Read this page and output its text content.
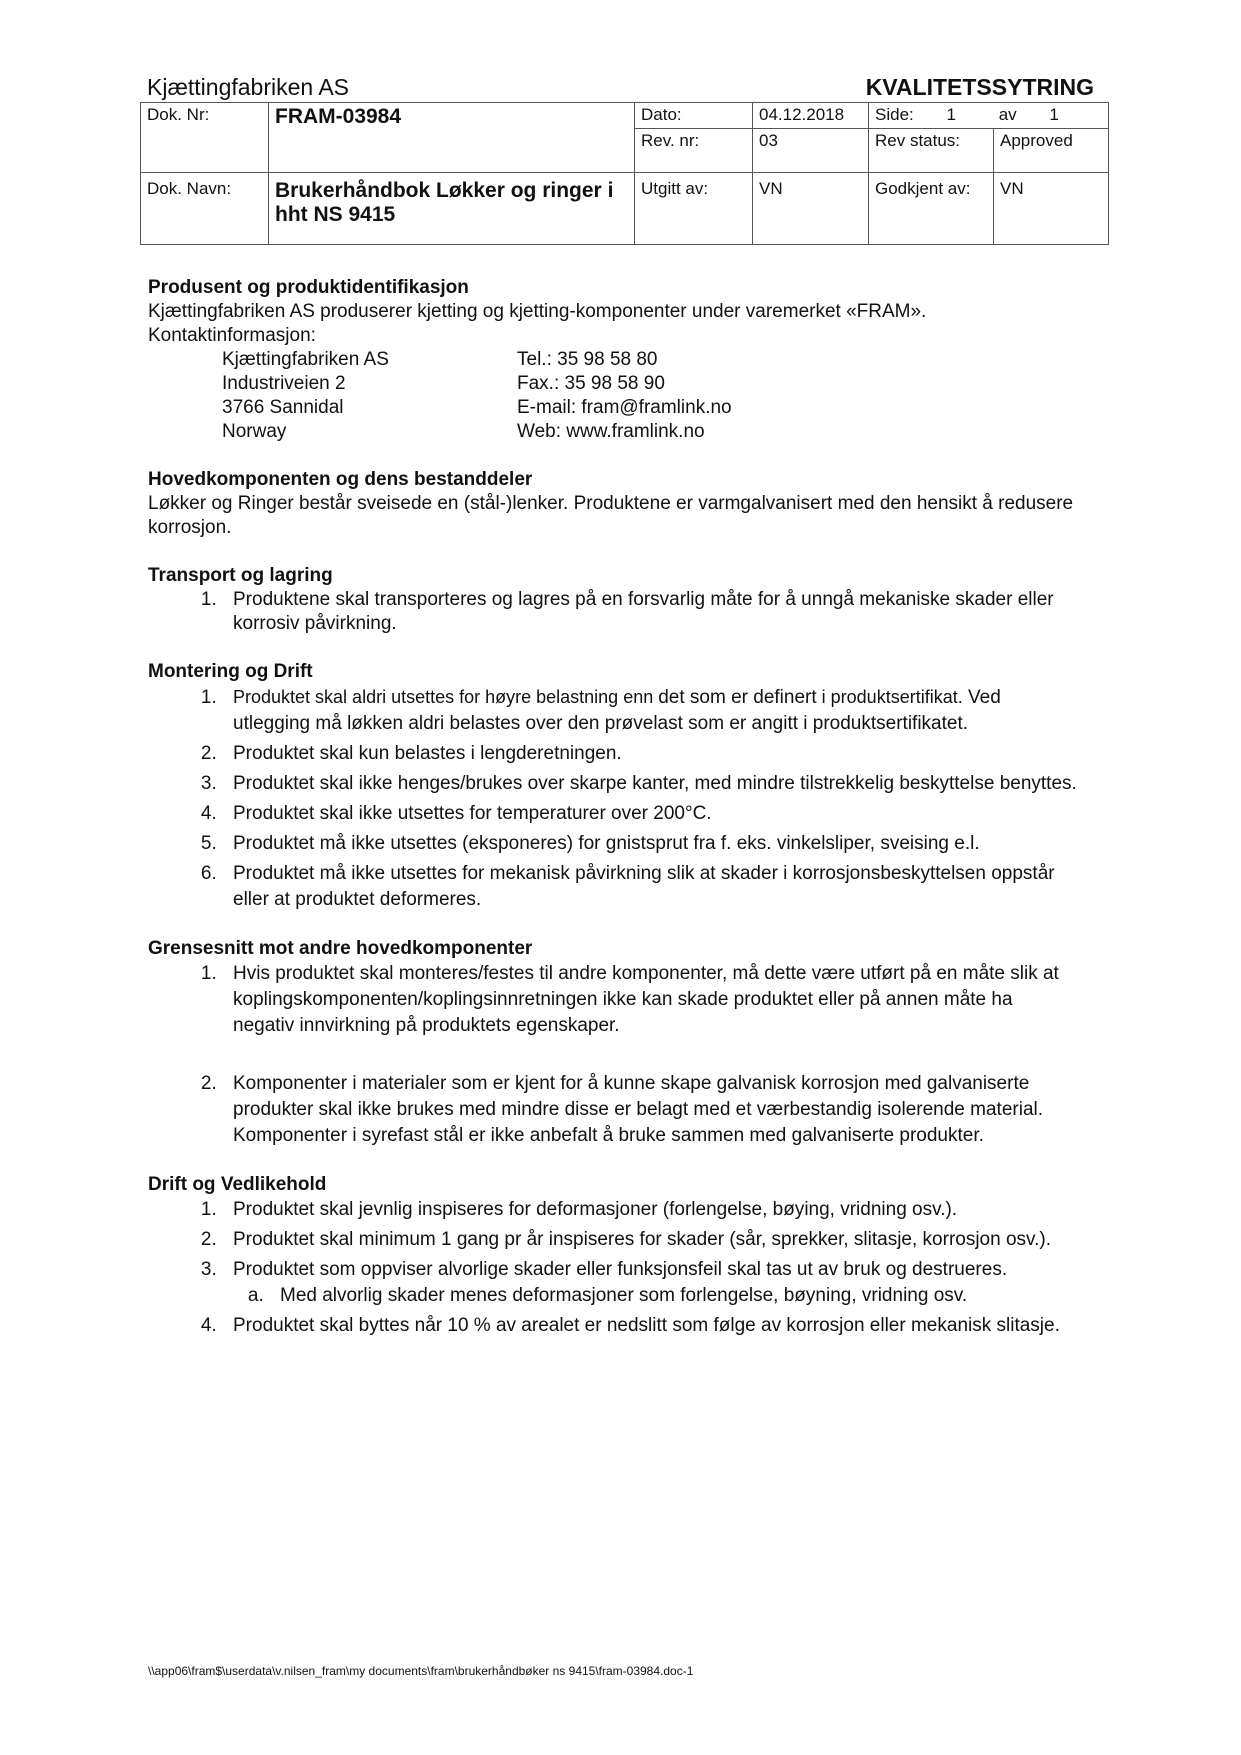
Kjættingfabriken AS	KVALITETSSYTRING
Dok. Nr:	FRAM-03984	Dato:	04.12.2018	Side: 1 av 1	
		Rev. nr:	03	Rev status:	Approved
Dok. Navn:	Brukerhåndbok Løkker og ringer i hht NS 9415	Utgitt av:	VN	Godkjent av:	VN
Produsent og produktidentifikasjon

Kjættingfabriken AS produserer kjetting og kjetting-komponenter under varemerket «FRAM».

Kontaktinformasjon:

Kjættingfabriken AS	Tel.: 35 98 58 80
Industriveien 2	Fax.: 35 98 58 90
3766 Sannidal	E-mail: fram@framlink.no
Norway	Web: www.framlink.no
Hovedkomponenten og dens bestanddeler

Løkker og Ringer består sveisede en (stål-)lenker. Produktene er varmgalvanisert med den hensikt å redusere korrosjon.

Transport og lagring
1. Produktene skal transporteres og lagres på en forsvarlig måte for å unngå mekaniske skader eller korrosiv påvirkning.
Montering og Drift
1. Produktet skal aldri utsettes for høyre belastning enn det som er definert i produktsertifikat. Ved utlegging må løkken aldri belastes over den prøvelast som er angitt i produktsertifikatet.
2. Produktet skal kun belastes i lengderetningen.
3. Produktet skal ikke henges/brukes over skarpe kanter, med mindre tilstrekkelig beskyttelse benyttes.
4. Produktet skal ikke utsettes for temperaturer over 200°C.
5. Produktet må ikke utsettes (eksponeres) for gnistsprut fra f. eks. vinkelsliper, sveising e.l.
6. Produktet må ikke utsettes for mekanisk påvirkning slik at skader i korrosjonsbeskyttelsen oppstår eller at produktet deformeres.
Grensesnitt mot andre hovedkomponenter
1. Hvis produktet skal monteres/festes til andre komponenter, må dette være utført på en måte slik at koplingskomponenten/koplingsinnretningen ikke kan skade produktet eller på annen måte ha negativ innvirkning på produktets egenskaper.
2. Komponenter i materialer som er kjent for å kunne skape galvanisk korrosjon med galvaniserte produkter skal ikke brukes med mindre disse er belagt med et værbestandig isolerende material. Komponenter i syrefast stål er ikke anbefalt å bruke sammen med galvaniserte produkter.
Drift og Vedlikehold
1. Produktet skal jevnlig inspiseres for deformasjoner (forlengelse, bøying, vridning osv.).
2. Produktet skal minimum 1 gang pr år inspiseres for skader (sår, sprekker, slitasje, korrosjon osv.).
3. Produktet som oppviser alvorlige skader eller funksjonsfeil skal tas ut av bruk og destrueres.
a. Med alvorlig skader menes deformasjoner som forlengelse, bøyning, vridning osv.
4. Produktet skal byttes når 10 % av arealet er nedslitt som følge av korrosjon eller mekanisk slitasje.
\\app06\fram$\userdata\v.nilsen_fram\my documents\fram\brukerhåndbøker ns 9415\fram-03984.doc-1
